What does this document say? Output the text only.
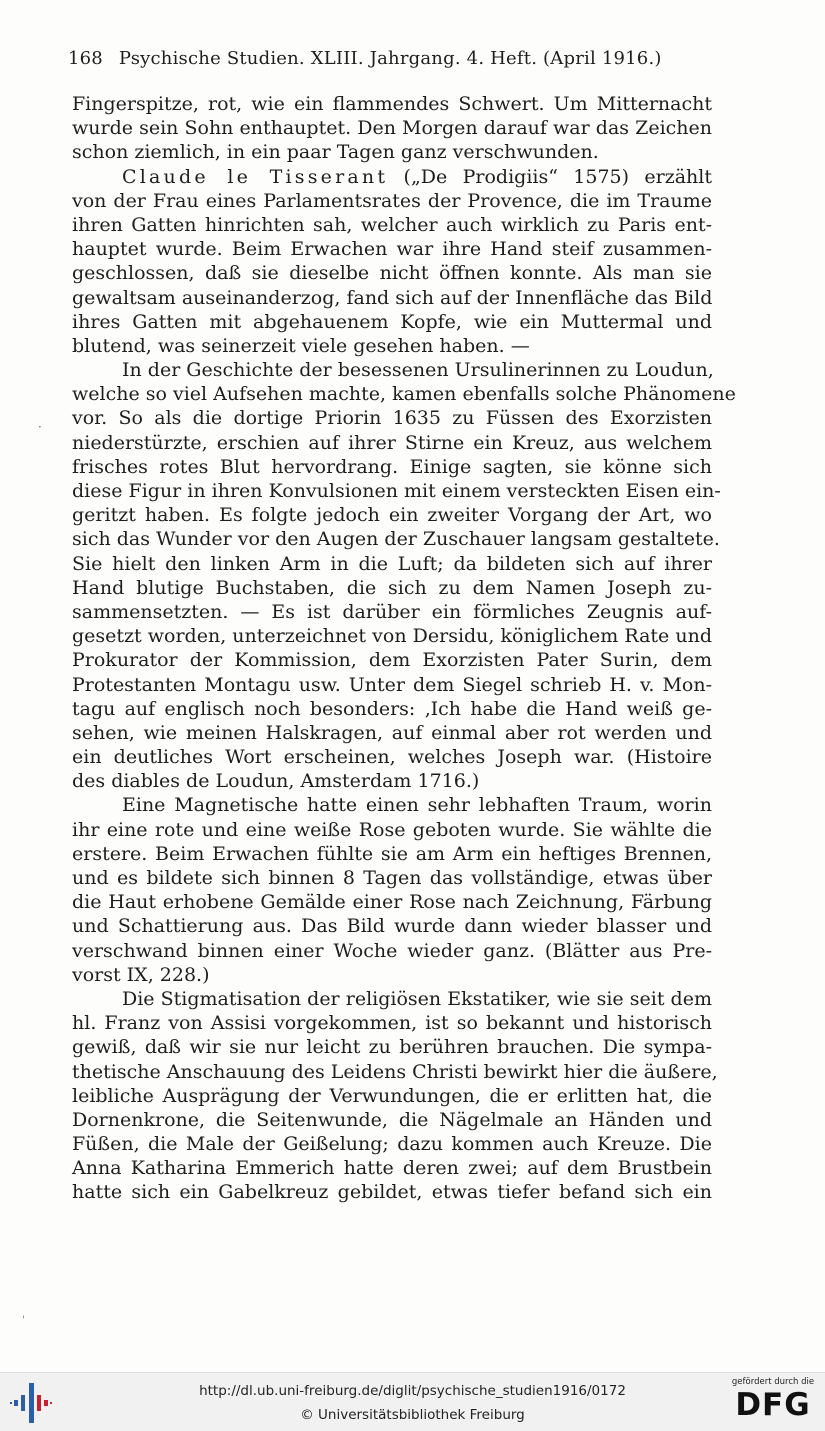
168 Psychische Studien. XLIII. Jahrgang. 4. Heft. (April 1916.)
·
'
Fingerspitze, rot, wie ein flammendes Schwert. Um Mitternacht
wurde sein Sohn enthauptet. Den Morgen darauf war das Zeichen
schon ziemlich, in ein paar Tagen ganz verschwunden.
Claude le Tisserant („De Prodigiis“ 1575) erzählt
von der Frau eines Parlamentsrates der Provence, die im Traume
ihren Gatten hinrichten sah, welcher auch wirklich zu Paris ent-
hauptet wurde. Beim Erwachen war ihre Hand steif zusammen-
geschlossen, daß sie dieselbe nicht öffnen konnte. Als man sie
gewaltsam auseinanderzog, fand sich auf der Innenfläche das Bild
ihres Gatten mit abgehauenem Kopfe, wie ein Muttermal und
blutend, was seinerzeit viele gesehen haben. —
In der Geschichte der besessenen Ursulinerinnen zu Loudun,
welche so viel Aufsehen machte, kamen ebenfalls solche Phänomene
vor. So als die dortige Priorin 1635 zu Füssen des Exorzisten
niederstürzte, erschien auf ihrer Stirne ein Kreuz, aus welchem
frisches rotes Blut hervordrang. Einige sagten, sie könne sich
diese Figur in ihren Konvulsionen mit einem versteckten Eisen ein-
geritzt haben. Es folgte jedoch ein zweiter Vorgang der Art, wo
sich das Wunder vor den Augen der Zuschauer langsam gestaltete.
Sie hielt den linken Arm in die Luft; da bildeten sich auf ihrer
Hand blutige Buchstaben, die sich zu dem Namen Joseph zu-
sammensetzten. — Es ist darüber ein förmliches Zeugnis auf-
gesetzt worden, unterzeichnet von Dersidu, königlichem Rate und
Prokurator der Kommission, dem Exorzisten Pater Surin, dem
Protestanten Montagu usw. Unter dem Siegel schrieb H. v. Mon-
tagu auf englisch noch besonders: ‚Ich habe die Hand weiß ge-
sehen, wie meinen Halskragen, auf einmal aber rot werden und
ein deutliches Wort erscheinen, welches Joseph war. (Histoire
des diables de Loudun, Amsterdam 1716.)
Eine Magnetische hatte einen sehr lebhaften Traum, worin
ihr eine rote und eine weiße Rose geboten wurde. Sie wählte die
erstere. Beim Erwachen fühlte sie am Arm ein heftiges Brennen,
und es bildete sich binnen 8 Tagen das vollständige, etwas über
die Haut erhobene Gemälde einer Rose nach Zeichnung, Färbung
und Schattierung aus. Das Bild wurde dann wieder blasser und
verschwand binnen einer Woche wieder ganz. (Blätter aus Pre-
vorst IX, 228.)
Die Stigmatisation der religiösen Ekstatiker, wie sie seit dem
hl. Franz von Assisi vorgekommen, ist so bekannt und historisch
gewiß, daß wir sie nur leicht zu berühren brauchen. Die sympa-
thetische Anschauung des Leidens Christi bewirkt hier die äußere,
leibliche Ausprägung der Verwundungen, die er erlitten hat, die
Dornenkrone, die Seitenwunde, die Nägelmale an Händen und
Füßen, die Male der Geißelung; dazu kommen auch Kreuze. Die
Anna Katharina Emmerich hatte deren zwei; auf dem Brustbein
hatte sich ein Gabelkreuz gebildet, etwas tiefer befand sich ein
http://dl.ub.uni-freiburg.de/diglit/psychische_studien1916/0172
© Universitätsbibliothek Freiburg
gefördert durch die
DFG
